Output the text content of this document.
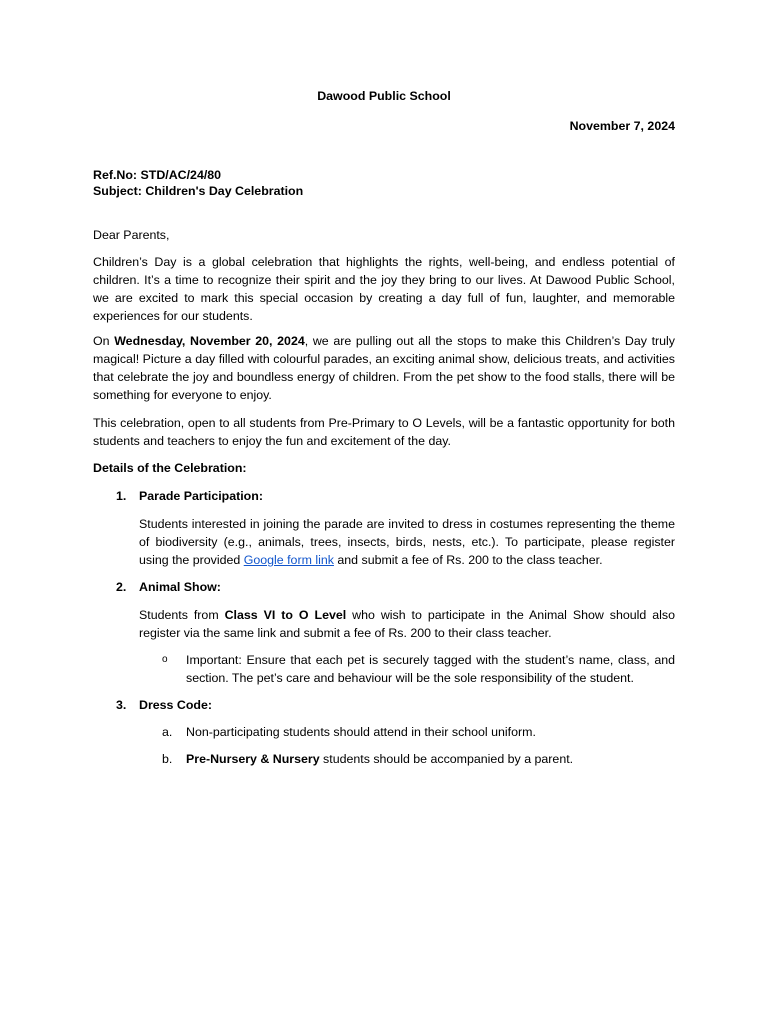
Dawood Public School
November 7, 2024
Ref.No: STD/AC/24/80
Subject: Children's Day Celebration
Dear Parents,
Children’s Day is a global celebration that highlights the rights, well-being, and endless potential of children. It’s a time to recognize their spirit and the joy they bring to our lives. At Dawood Public School, we are excited to mark this special occasion by creating a day full of fun, laughter, and memorable experiences for our students.
On Wednesday, November 20, 2024, we are pulling out all the stops to make this Children’s Day truly magical! Picture a day filled with colourful parades, an exciting animal show, delicious treats, and activities that celebrate the joy and boundless energy of children. From the pet show to the food stalls, there will be something for everyone to enjoy.
This celebration, open to all students from Pre-Primary to O Levels, will be a fantastic opportunity for both students and teachers to enjoy the fun and excitement of the day.
Details of the Celebration:
1. Parade Participation:
Students interested in joining the parade are invited to dress in costumes representing the theme of biodiversity (e.g., animals, trees, insects, birds, nests, etc.). To participate, please register using the provided Google form link and submit a fee of Rs. 200 to the class teacher.
2. Animal Show:
Students from Class VI to O Level who wish to participate in the Animal Show should also register via the same link and submit a fee of Rs. 200 to their class teacher.
o Important: Ensure that each pet is securely tagged with the student’s name, class, and section. The pet’s care and behaviour will be the sole responsibility of the student.
3. Dress Code:
a. Non-participating students should attend in their school uniform.
b. Pre-Nursery & Nursery students should be accompanied by a parent.
